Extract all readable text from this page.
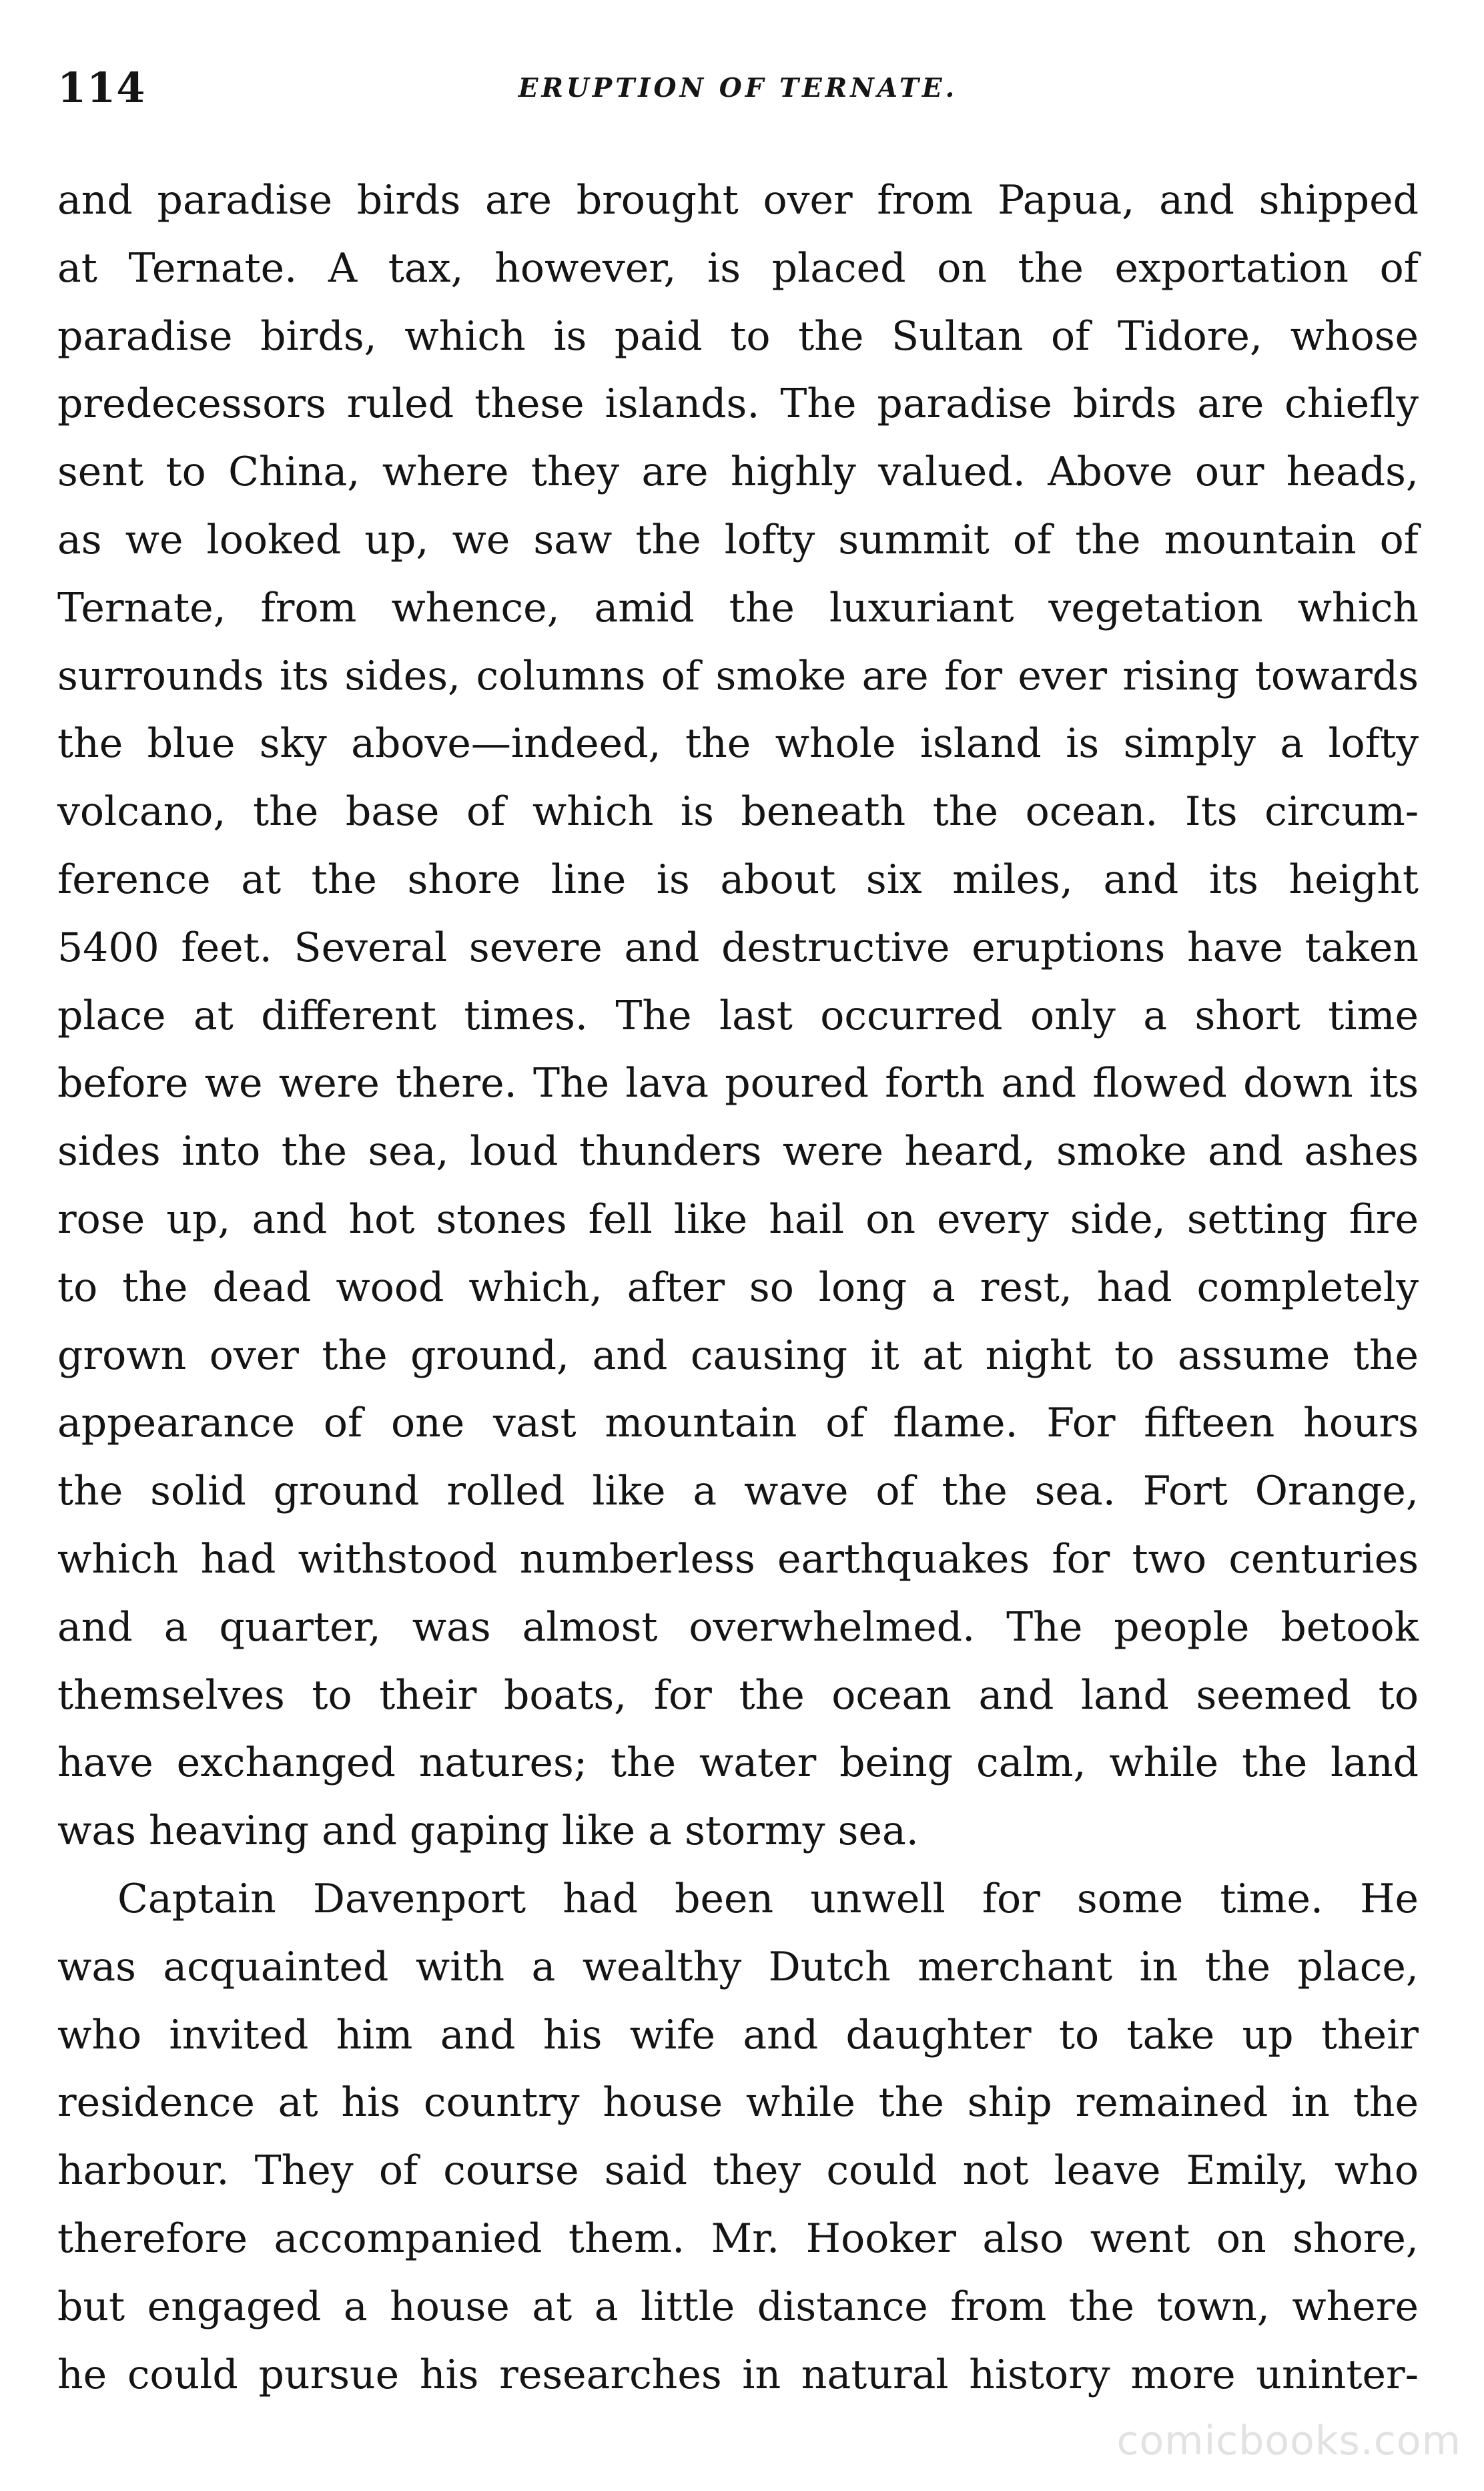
114	ERUPTION OF TERNATE.
and paradise birds are brought over from Papua, and shipped
at Ternate. A tax, however, is placed on the exportation of
paradise birds, which is paid to the Sultan of Tidore, whose
predecessors ruled these islands. The paradise birds are chiefly
sent to China, where they are highly valued. Above our heads,
as we looked up, we saw the lofty summit of the mountain of
Ternate, from whence, amid the luxuriant vegetation which
surrounds its sides, columns of smoke are for ever rising towards
the blue sky above—indeed, the whole island is simply a lofty
volcano, the base of which is beneath the ocean. Its circum-
ference at the shore line is about six miles, and its height
5400 feet. Several severe and destructive eruptions have taken
place at different times. The last occurred only a short time
before we were there. The lava poured forth and flowed down its
sides into the sea, loud thunders were heard, smoke and ashes
rose up, and hot stones fell like hail on every side, setting fire
to the dead wood which, after so long a rest, had completely
grown over the ground, and causing it at night to assume the
appearance of one vast mountain of flame. For fifteen hours
the solid ground rolled like a wave of the sea. Fort Orange,
which had withstood numberless earthquakes for two centuries
and a quarter, was almost overwhelmed. The people betook
themselves to their boats, for the ocean and land seemed to
have exchanged natures; the water being calm, while the land
was heaving and gaping like a stormy sea.
Captain Davenport had been unwell for some time. He
was acquainted with a wealthy Dutch merchant in the place,
who invited him and his wife and daughter to take up their
residence at his country house while the ship remained in the
harbour. They of course said they could not leave Emily, who
therefore accompanied them. Mr. Hooker also went on shore,
but engaged a house at a little distance from the town, where
he could pursue his researches in natural history more uninter-
comicbooks.com
